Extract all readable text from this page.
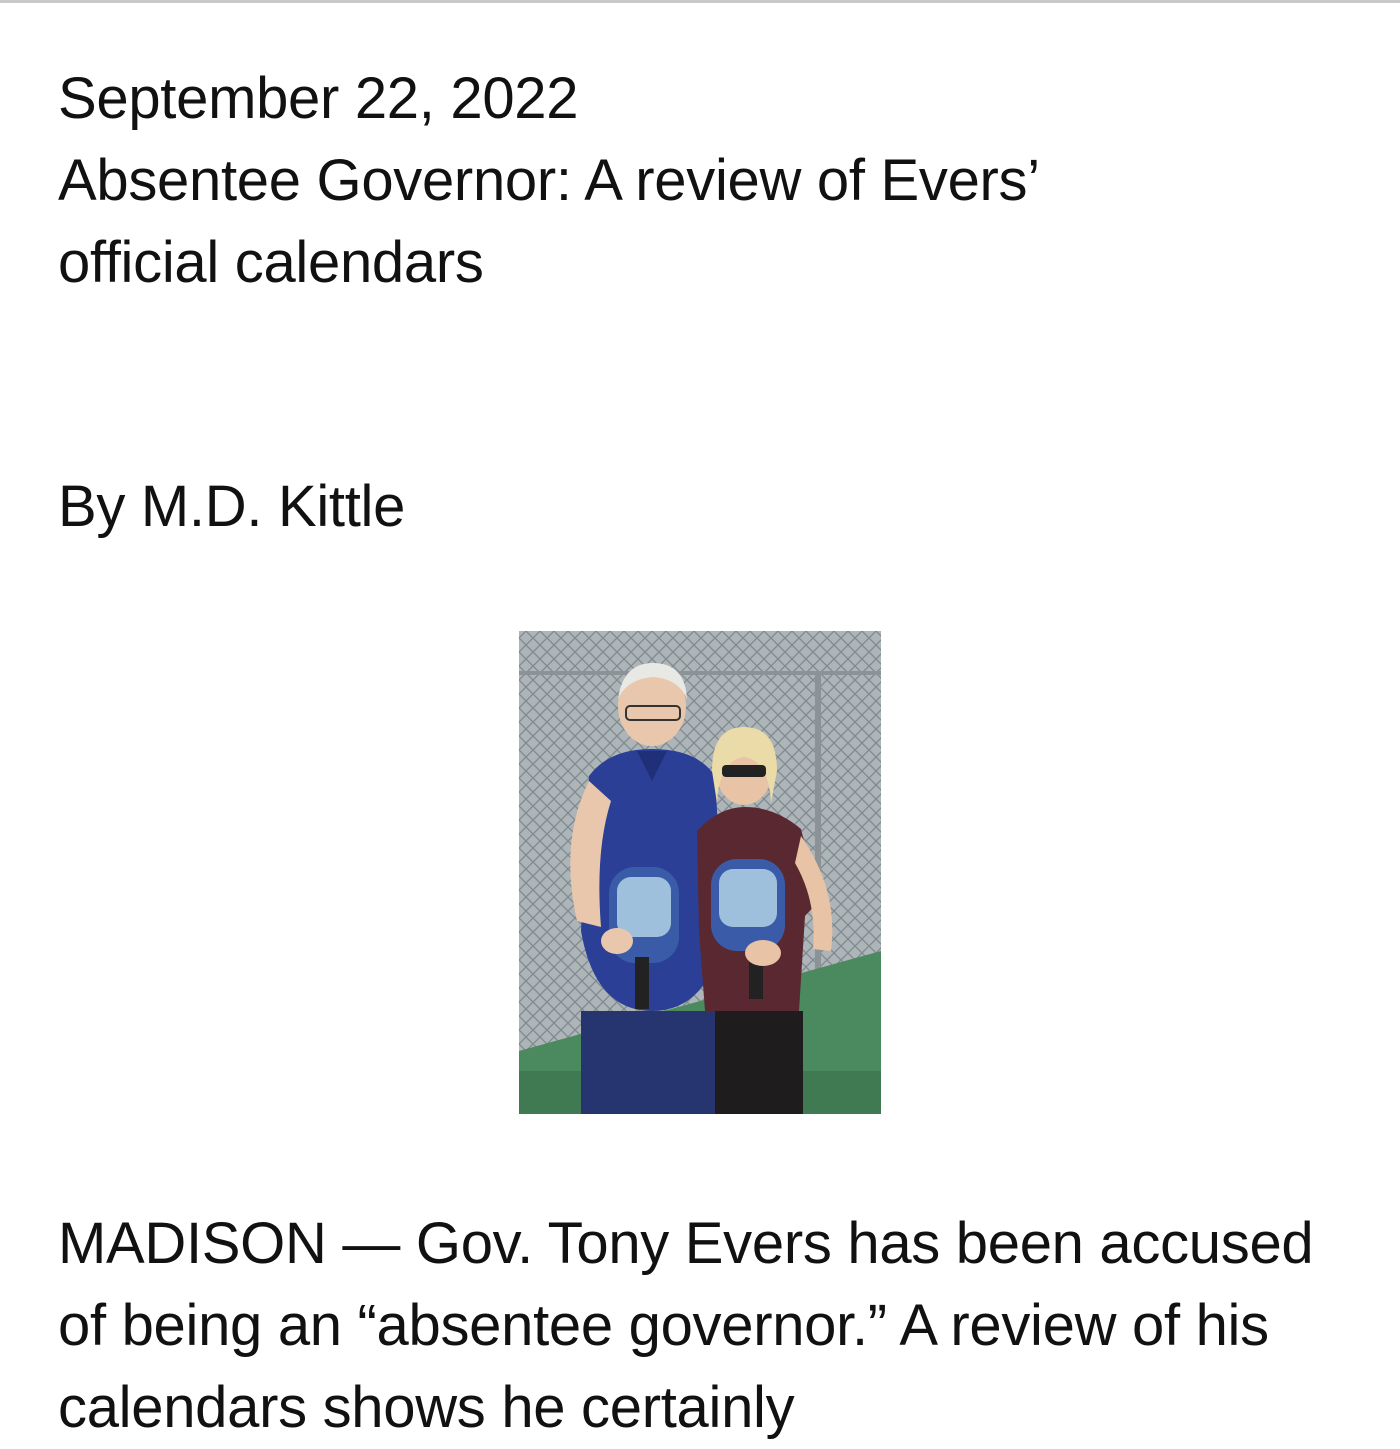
September 22, 2022

Absentee Governor: A review of Evers’ official calendars

By M.D. Kittle

MADISON — Gov. Tony Evers has been accused of being an “absentee governor.” A review of his calendars shows he certainly
